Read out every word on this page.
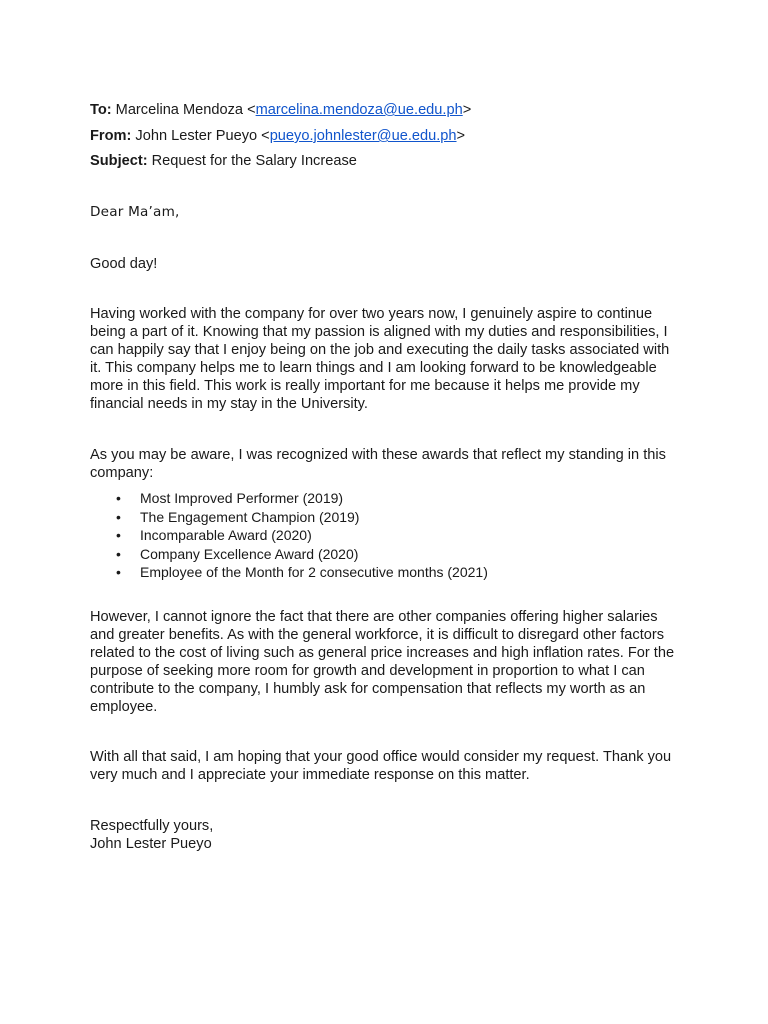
To: Marcelina Mendoza <marcelina.mendoza@ue.edu.ph>
From: John Lester Pueyo <pueyo.johnlester@ue.edu.ph>
Subject: Request for the Salary Increase
Dear Ma’am,
Good day!

Having worked with the company for over two years now, I genuinely aspire to continue being a part of it. Knowing that my passion is aligned with my duties and responsibilities, I can happily say that I enjoy being on the job and executing the daily tasks associated with it. This company helps me to learn things and I am looking forward to be knowledgeable more in this field. This work is really important for me because it helps me provide my financial needs in my stay in the University.

As you may be aware, I was recognized with these awards that reflect my standing in this company:

• Most Improved Performer (2019)
• The Engagement Champion (2019)
• Incomparable Award (2020)
• Company Excellence Award (2020)
• Employee of the Month for 2 consecutive months (2021)

However, I cannot ignore the fact that there are other companies offering higher salaries and greater benefits. As with the general workforce, it is difficult to disregard other factors related to the cost of living such as general price increases and high inflation rates. For the purpose of seeking more room for growth and development in proportion to what I can contribute to the company, I humbly ask for compensation that reflects my worth as an employee.

With all that said, I am hoping that your good office would consider my request. Thank you very much and I appreciate your immediate response on this matter.

Respectfully yours,
John Lester Pueyo
